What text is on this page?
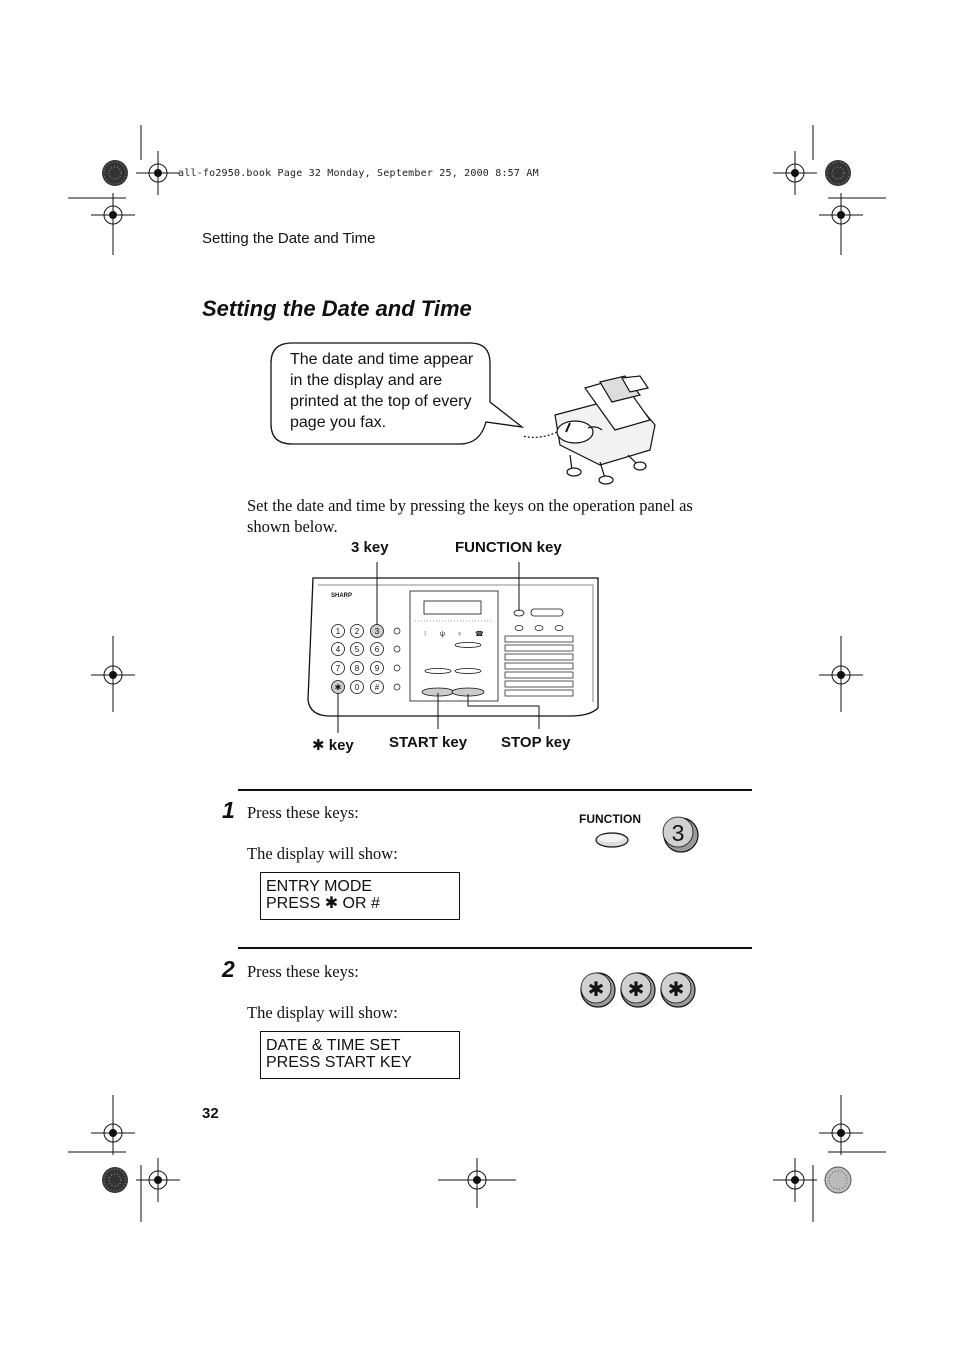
all-fo2950.book Page 32 Monday, September 25, 2000 8:57 AM
Setting the Date and Time
Setting the Date and Time
The date and time appear in the display and are printed at the top of every page you fax.
Set the date and time by pressing the keys on the operation panel as shown below.
3 key	FUNCTION key
✱ key START key STOP key
SHARP
⁝ ψ ♀ ☎
1 2 3
4 5 6
7 8 9
✱ 0 #
1 Press these keys:
The display will show:
ENTRY MODE
PRESS ✱ OR #
FUNCTION
3
2 Press these keys:
The display will show:
DATE & TIME SET
PRESS START KEY
✱ ✱ ✱
32
